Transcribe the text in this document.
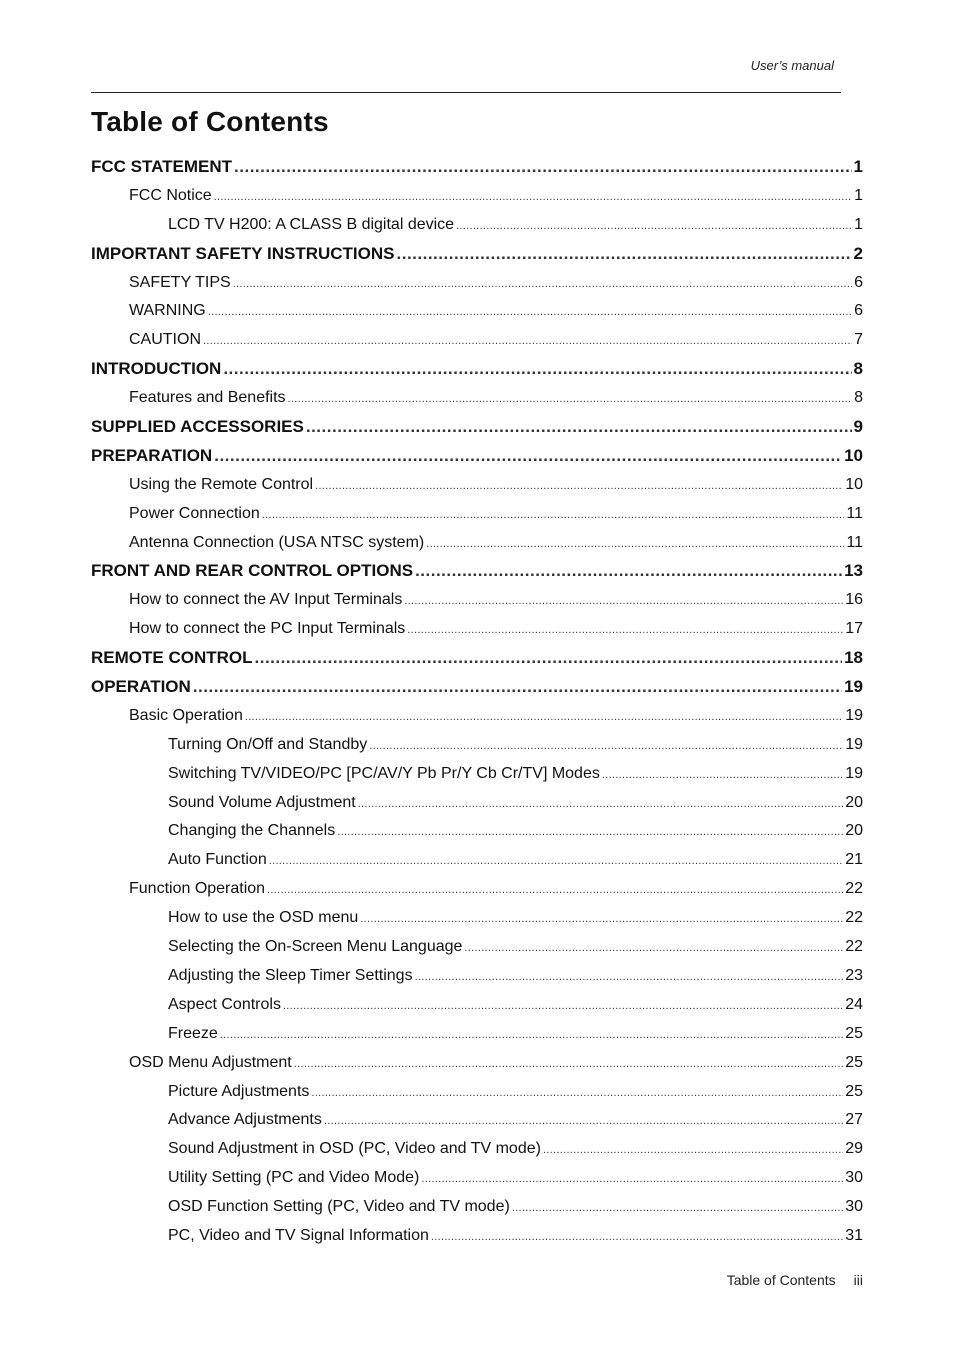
User’s manual
Table of Contents
FCC STATEMENT .....	1
FCC Notice .....	1
LCD TV H200: A CLASS B digital device .....	1
IMPORTANT SAFETY INSTRUCTIONS .....	2
SAFETY TIPS .....	6
WARNING .....	6
CAUTION .....	7
INTRODUCTION .....	8
Features and Benefits .....	8
SUPPLIED ACCESSORIES .....	9
PREPARATION .....	10
Using the Remote Control .....	10
Power Connection .....	11
Antenna Connection (USA NTSC system) .....	11
FRONT AND REAR CONTROL OPTIONS .....	13
How to connect the AV Input Terminals .....	16
How to connect the PC Input Terminals .....	17
REMOTE CONTROL .....	18
OPERATION .....	19
Basic Operation .....	19
Turning On/Off and Standby .....	19
Switching TV/VIDEO/PC [PC/AV/Y Pb Pr/Y Cb Cr/TV] Modes .....	19
Sound Volume Adjustment .....	20
Changing the Channels .....	20
Auto Function .....	21
Function Operation .....	22
How to use the OSD menu .....	22
Selecting the On-Screen Menu Language .....	22
Adjusting the Sleep Timer Settings .....	23
Aspect Controls .....	24
Freeze .....	25
OSD Menu Adjustment .....	25
Picture Adjustments .....	25
Advance Adjustments .....	27
Sound Adjustment in OSD (PC, Video and TV mode) .....	29
Utility Setting (PC and Video Mode) .....	30
OSD Function Setting (PC, Video and TV mode) .....	30
PC, Video and TV Signal Information .....	31
Table of Contents iii
